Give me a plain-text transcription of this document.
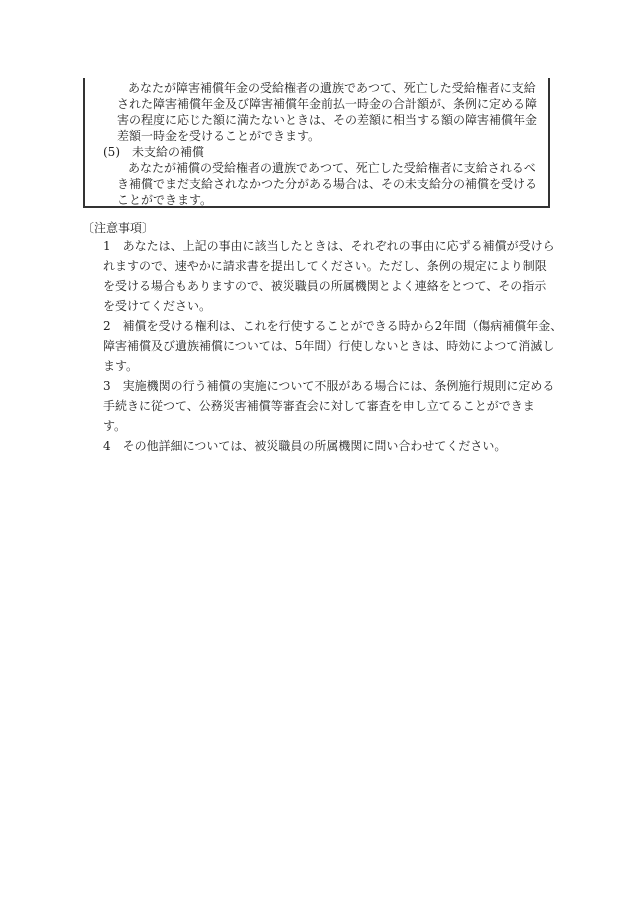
あなたが障害補償年金の受給権者の遺族であつて、死亡した受給権者に支給
された障害補償年金及び障害補償年金前払一時金の合計額が、条例に定める障
害の程度に応じた額に満たないときは、その差額に相当する額の障害補償年金
差額一時金を受けることができます。
(5)　未支給の補償
あなたが補償の受給権者の遺族であつて、死亡した受給権者に支給されるべ
き補償でまだ支給されなかつた分がある場合は、その未支給分の補償を受ける
ことができます。
〔注意事項〕
1　あなたは、上記の事由に該当したときは、それぞれの事由に応ずる補償が受けら
れますので、速やかに請求書を提出してください。ただし、条例の規定により制限
を受ける場合もありますので、被災職員の所属機関とよく連絡をとつて、その指示
を受けてください。
2　補償を受ける権利は、これを行使することができる時から2年間（傷病補償年金、
障害補償及び遺族補償については、5年間）行使しないときは、時効によつて消滅し
ます。
3　実施機関の行う補償の実施について不服がある場合には、条例施行規則に定める
手続きに従つて、公務災害補償等審査会に対して審査を申し立てることができま
す。
4　その他詳細については、被災職員の所属機関に問い合わせてください。
